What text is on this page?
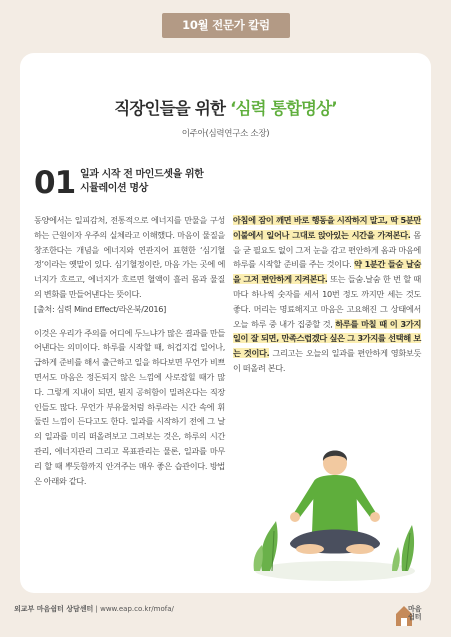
10월 전문가 칼럼
직장인들을 위한 ‘심력 통합명상’
이주아(심력연구소 소장)
01 일과 시작 전 마인드셋을 위한
시뮬레이션 명상

동양에서는 일피감처, 전통적으로 에너지를 만물을 구성하는 근원이자 우주의 실체라고 이해했다. 마음이 물질을 창조한다는 개념을 에너지와 연관지어 표현한 ‘심기혈정’이라는 옛말이 있다. 심기혈정이란, 마음 가는 곳에 에너지가 흐르고, 에너지가 흐르면 혈액이 흘러 몸과 물질의 변화를 만들어낸다는 뜻이다.
[출처: 심력 Mind Effect/라온북/2016]

이것은 우리가 주의를 어디에 두느냐가 많은 결과를 만들어낸다는 의미이다. 하루를 시작할 때, 허겁지겁 일어나, 급하게 준비를 해서 출근하고 일을 하다보면 무언가 비쁘면서도 마음은 정돈되지 않은 느낌에 사로잡힐 때가 많다. 그렇게 지내이 되면, 뭔지 공허함이 밀려온다는 직장인들도 많다. 무언가 부유물처럼 하루라는 시간 속에 휘둘린 느낌이 든다고도 한다. 일과를 시작하기 전에 그 날의 일과를 미리 떠올려보고 그려보는 것은, 하루의 시간관리, 에너지관리 그리고 목표관리는 물론, 일과를 마무리 할 때 뿌듯함까지 안겨주는 매우 좋은 습관이다. 방법은 아래와 같다.

아침에 잠이 깨면 바로 행동을 시작하지 말고, 딱 5분만 이불에서 일어나 그대로 앉아있는 시간을 가져본다. 몸을 굳 필요도 없이 그저 눈을 감고 편안하게 옴과 마음에 하루를 시작할 준비를 주는 것이다. 약 1분간 들숨 날숨을 그저 편안하게 지켜본다. 또는 들숨.날숨 한 번 할 때 마다 하나씩 숫자를 세서 10번 정도 까지만 세는 것도 좋다. 머리는 명료해지고 마음은 고요해진 그 상태에서 오늘 하루 중 내가 집중할 것, 하루를 마칠 때 이 3가지 일이 잘 되면, 만족스럽겠다 싶은 그 3가지를 선택해 보는 것이다. 그리고는 오늘의 일과를 편안하게 영화보듯이 떠올려 본다.
외교부 마음쉼터 상담센터 | www.eap.co.kr/mofa/	마음
쉼터
